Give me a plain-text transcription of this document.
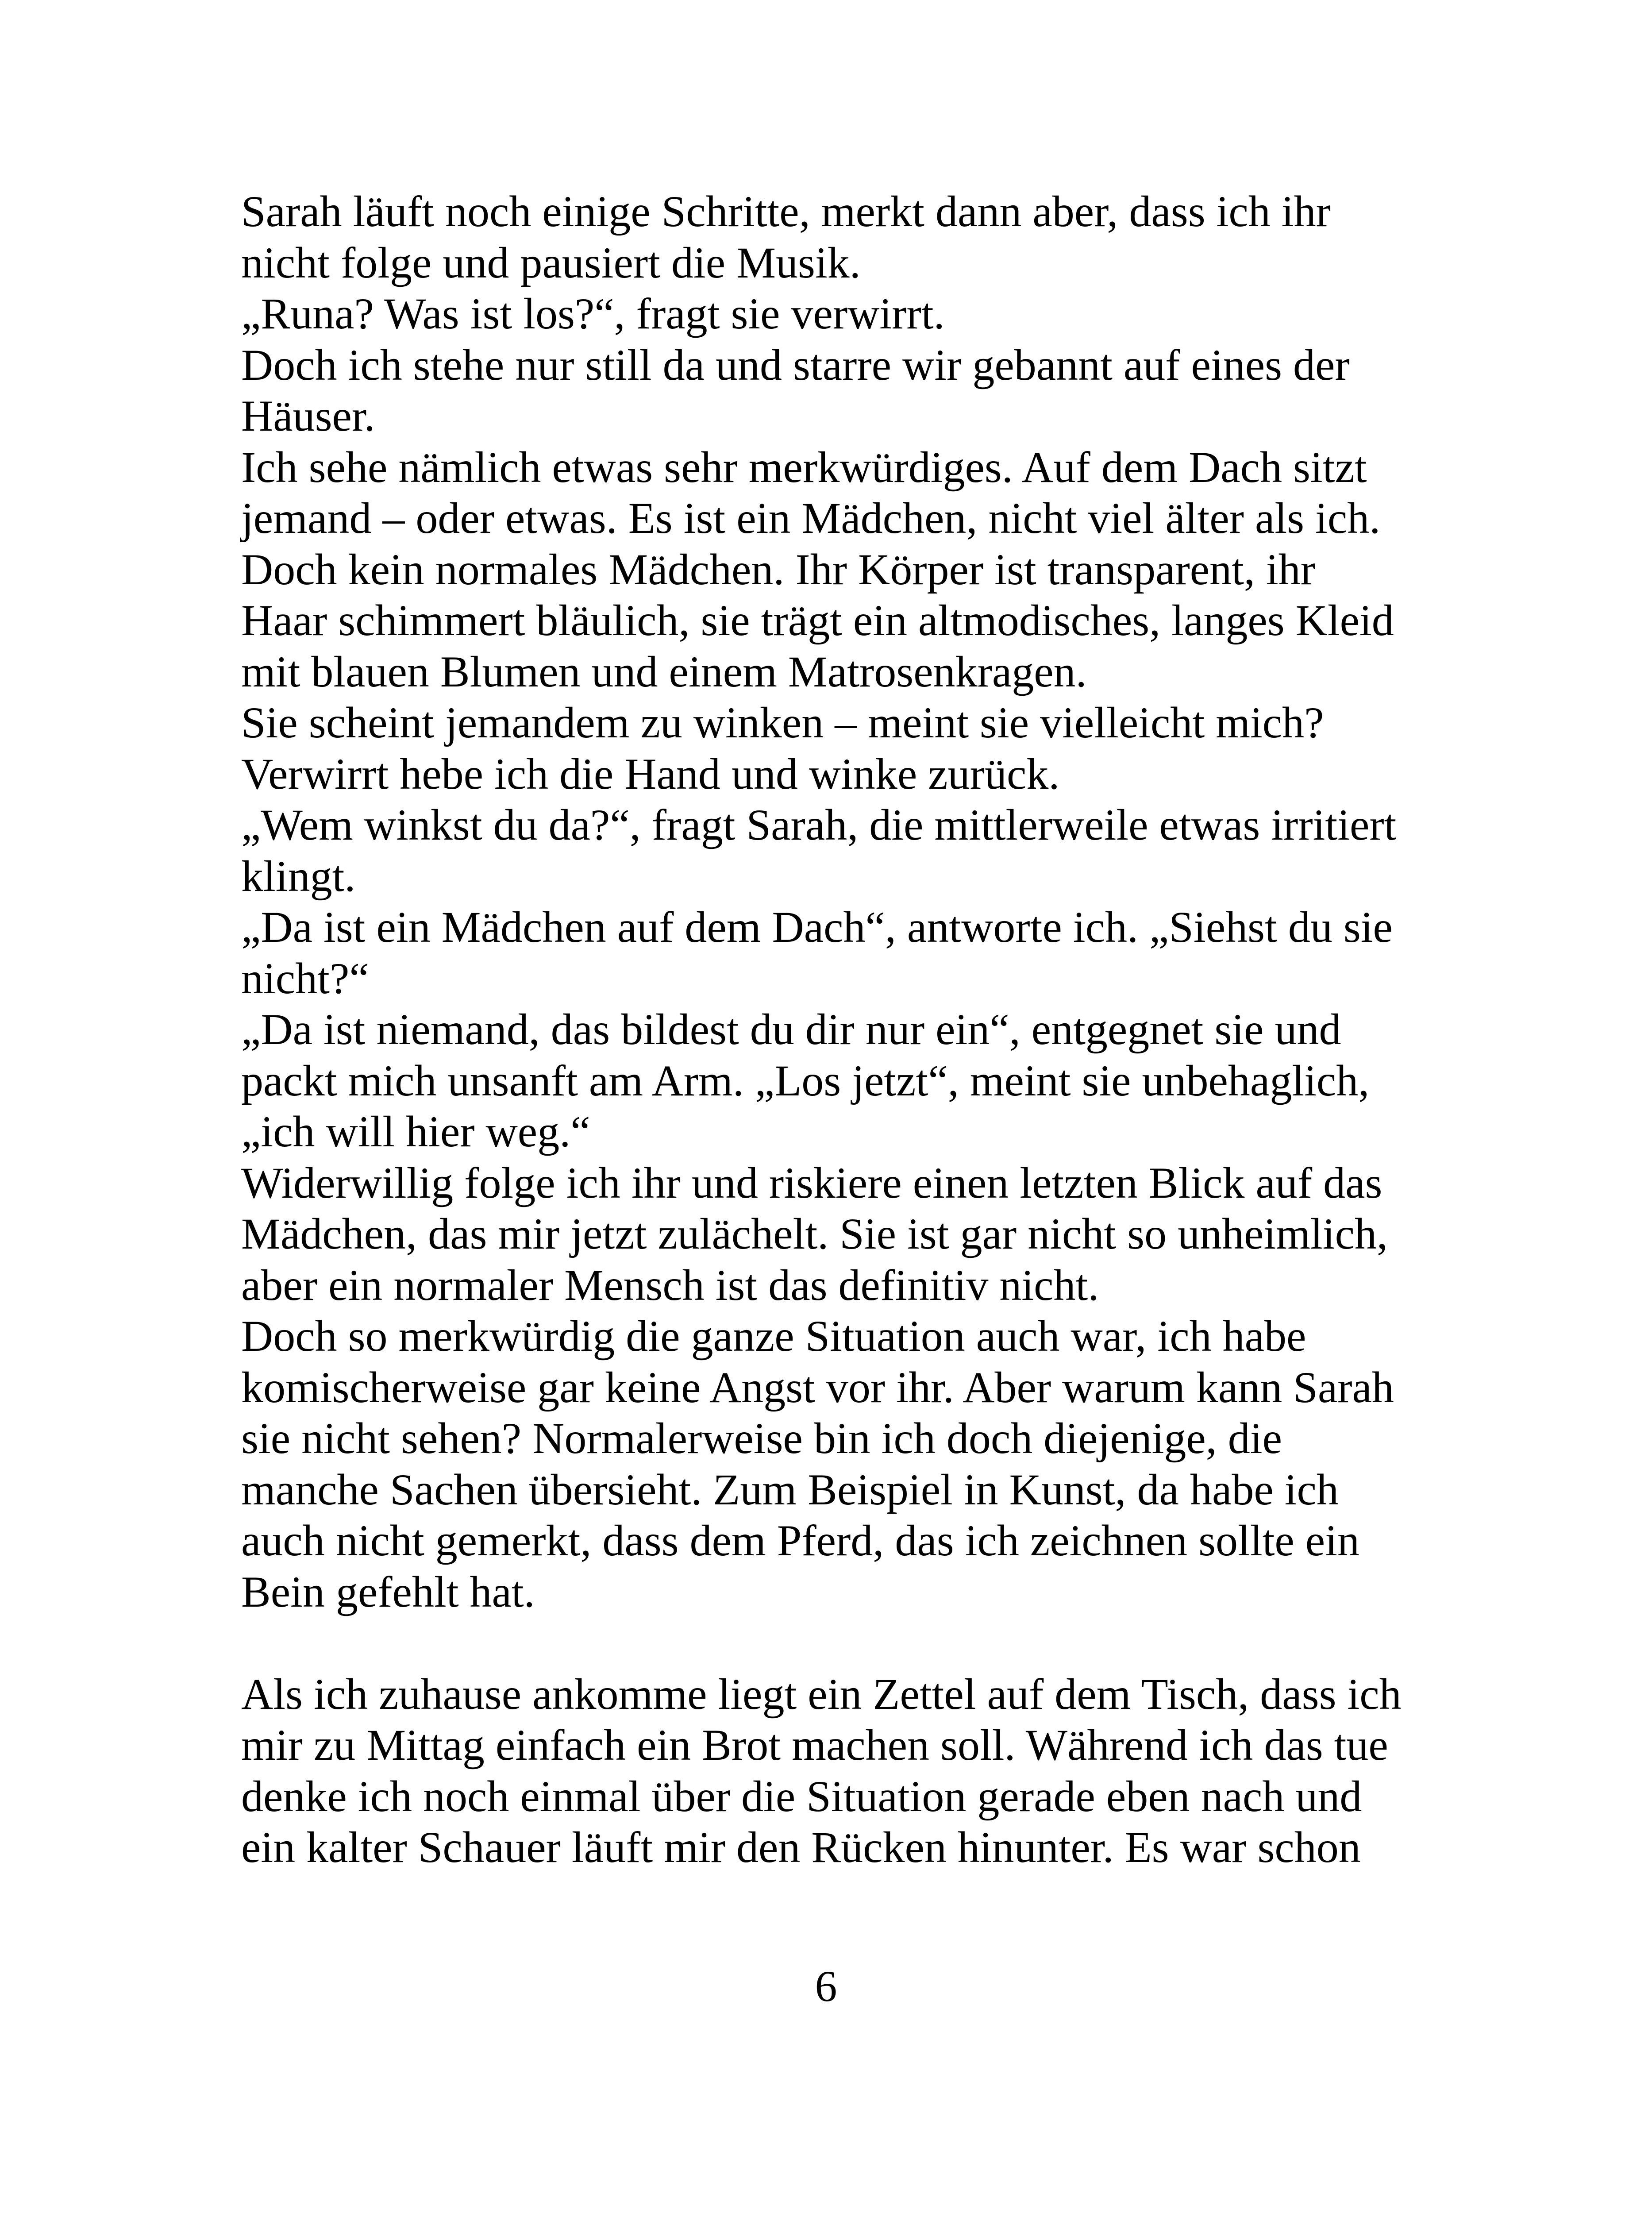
Sarah läuft noch einige Schritte, merkt dann aber, dass ich ihr
nicht folge und pausiert die Musik.
„Runa? Was ist los?“, fragt sie verwirrt.
Doch ich stehe nur still da und starre wir gebannt auf eines der
Häuser.
Ich sehe nämlich etwas sehr merkwürdiges. Auf dem Dach sitzt
jemand – oder etwas. Es ist ein Mädchen, nicht viel älter als ich.
Doch kein normales Mädchen. Ihr Körper ist transparent, ihr
Haar schimmert bläulich, sie trägt ein altmodisches, langes Kleid
mit blauen Blumen und einem Matrosenkragen.
Sie scheint jemandem zu winken – meint sie vielleicht mich?
Verwirrt hebe ich die Hand und winke zurück.
„Wem winkst du da?“, fragt Sarah, die mittlerweile etwas irritiert
klingt.
„Da ist ein Mädchen auf dem Dach“, antworte ich. „Siehst du sie
nicht?“
„Da ist niemand, das bildest du dir nur ein“, entgegnet sie und
packt mich unsanft am Arm. „Los jetzt“, meint sie unbehaglich,
„ich will hier weg.“
Widerwillig folge ich ihr und riskiere einen letzten Blick auf das
Mädchen, das mir jetzt zulächelt. Sie ist gar nicht so unheimlich,
aber ein normaler Mensch ist das definitiv nicht.
Doch so merkwürdig die ganze Situation auch war, ich habe
komischerweise gar keine Angst vor ihr. Aber warum kann Sarah
sie nicht sehen? Normalerweise bin ich doch diejenige, die
manche Sachen übersieht. Zum Beispiel in Kunst, da habe ich
auch nicht gemerkt, dass dem Pferd, das ich zeichnen sollte ein
Bein gefehlt hat.
Als ich zuhause ankomme liegt ein Zettel auf dem Tisch, dass ich
mir zu Mittag einfach ein Brot machen soll. Während ich das tue
denke ich noch einmal über die Situation gerade eben nach und
ein kalter Schauer läuft mir den Rücken hinunter. Es war schon
6
